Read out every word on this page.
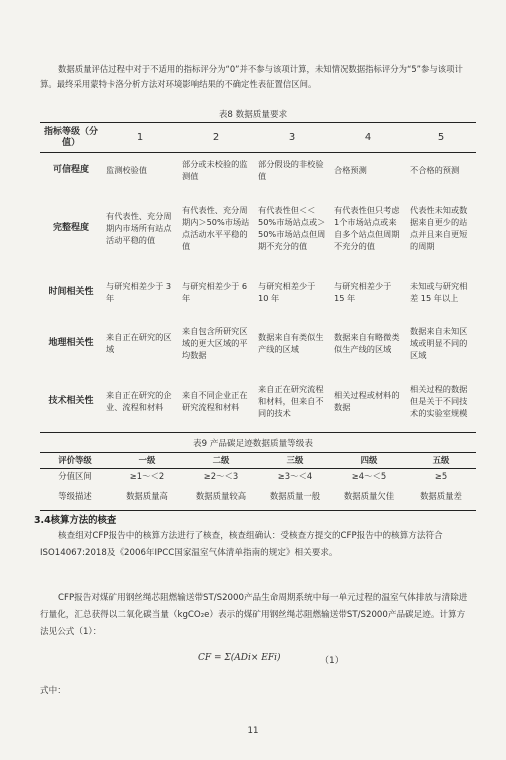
数据质量评估过程中对于不适用的指标评分为“0”并不参与该项计算，未知情况数据指标评分为“5”参与该项计算。最终采用蒙特卡洛分析方法对环境影响结果的不确定性表征置信区间。

表8 数据质量要求
指标等级（分值）	1	2	3	4	5
可信程度	监测校验值	部分或未校验的监测值	部分假设的非校验值	合格预测	不合格的预测
完整程度	有代表性、充分周期内市场所有站点活动平稳的值	有代表性、充分周期内＞50%市场站点活动水平平稳的值	有代表性但＜＜50%市场站点或＞50%市场站点但周期不充分的值	有代表性但只考虑1个市场站点或来自多个站点但周期不充分的值	代表性未知或数据来自更少的站点并且来自更短的周期
时间相关性	与研究相差少于 3 年	与研究相差少于 6 年	与研究相差少于 10 年	与研究相差少于 15 年	未知或与研究相差 15 年以上
地理相关性	来自正在研究的区域	来自包含所研究区域的更大区域的平均数据	数据来自有类似生产线的区域	数据来自有略微类似生产线的区域	数据来自未知区域或明显不同的区域
技术相关性	来自正在研究的企业、流程和材料	来自不同企业正在研究流程和材料	来自正在研究流程和材料，但来自不同的技术	相关过程或材料的数据	相关过程的数据但是关于不同技术的实验室规模
表9 产品碳足迹数据质量等级表
评价等级	一级	二级	三级	四级	五级
分值区间	≥1～＜2	≥2～＜3	≥3～＜4	≥4～＜5	≥5
等级描述	数据质量高	数据质量较高	数据质量一般	数据质量欠佳	数据质量差
3.4核算方法的核查

核查组对CFP报告中的核算方法进行了核查，核查组确认：受核查方提交的CFP报告中的核算方法符合ISO14067:2018及《2006年IPCC国家温室气体清单指南的规定》相关要求。

CFP报告对煤矿用钢丝绳芯阻燃输送带ST/S2000产品生命周期系统中每一单元过程的温室气体排放与清除进行量化，汇总获得以二氧化碳当量（kgCO₂e）表示的煤矿用钢丝绳芯阻燃输送带ST/S2000产品碳足迹。计算方法见公式（1）：

CF = Σ(ADi× EFi)	（1）
式中：
11
